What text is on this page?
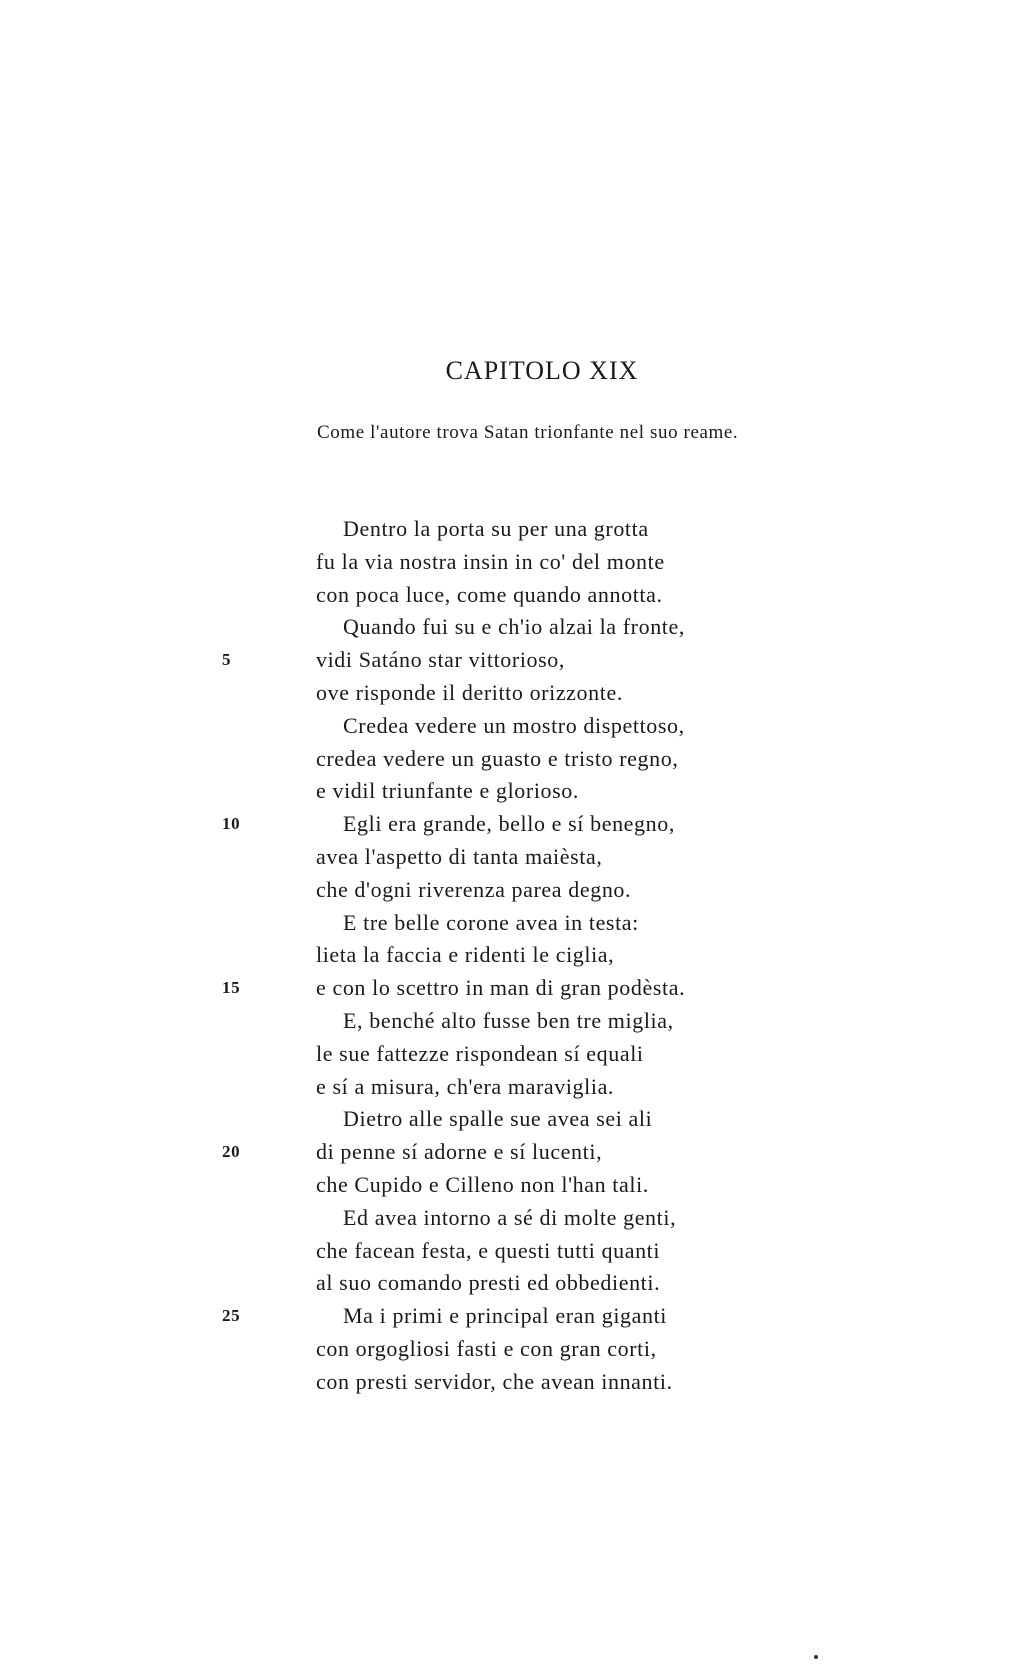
CAPITOLO XIX
Come l'autore trova Satan trionfante nel suo reame.
Dentro la porta su per una grotta
fu la via nostra insin in co' del monte
con poca luce, come quando annotta.
Quando fui su e ch'io alzai la fronte,
5	vidi Satáno star vittorioso,
ove risponde il deritto orizzonte.
Credea vedere un mostro dispettoso,
credea vedere un guasto e tristo regno,
e vidil triunfante e glorioso.
10	Egli era grande, bello e sí benegno,
avea l'aspetto di tanta maièsta,
che d'ogni riverenza parea degno.
E tre belle corone avea in testa:
lieta la faccia e ridenti le ciglia,
15	e con lo scettro in man di gran podèsta.
E, benché alto fusse ben tre miglia,
le sue fattezze rispondean sí equali
e sí a misura, ch'era maraviglia.
Dietro alle spalle sue avea sei ali
20	di penne sí adorne e sí lucenti,
che Cupido e Cilleno non l'han tali.
Ed avea intorno a sé di molte genti,
che facean festa, e questi tutti quanti
al suo comando presti ed obbedienti.
25	Ma i primi e principal eran giganti
con orgogliosi fasti e con gran corti,
con presti servidor, che avean innanti.
